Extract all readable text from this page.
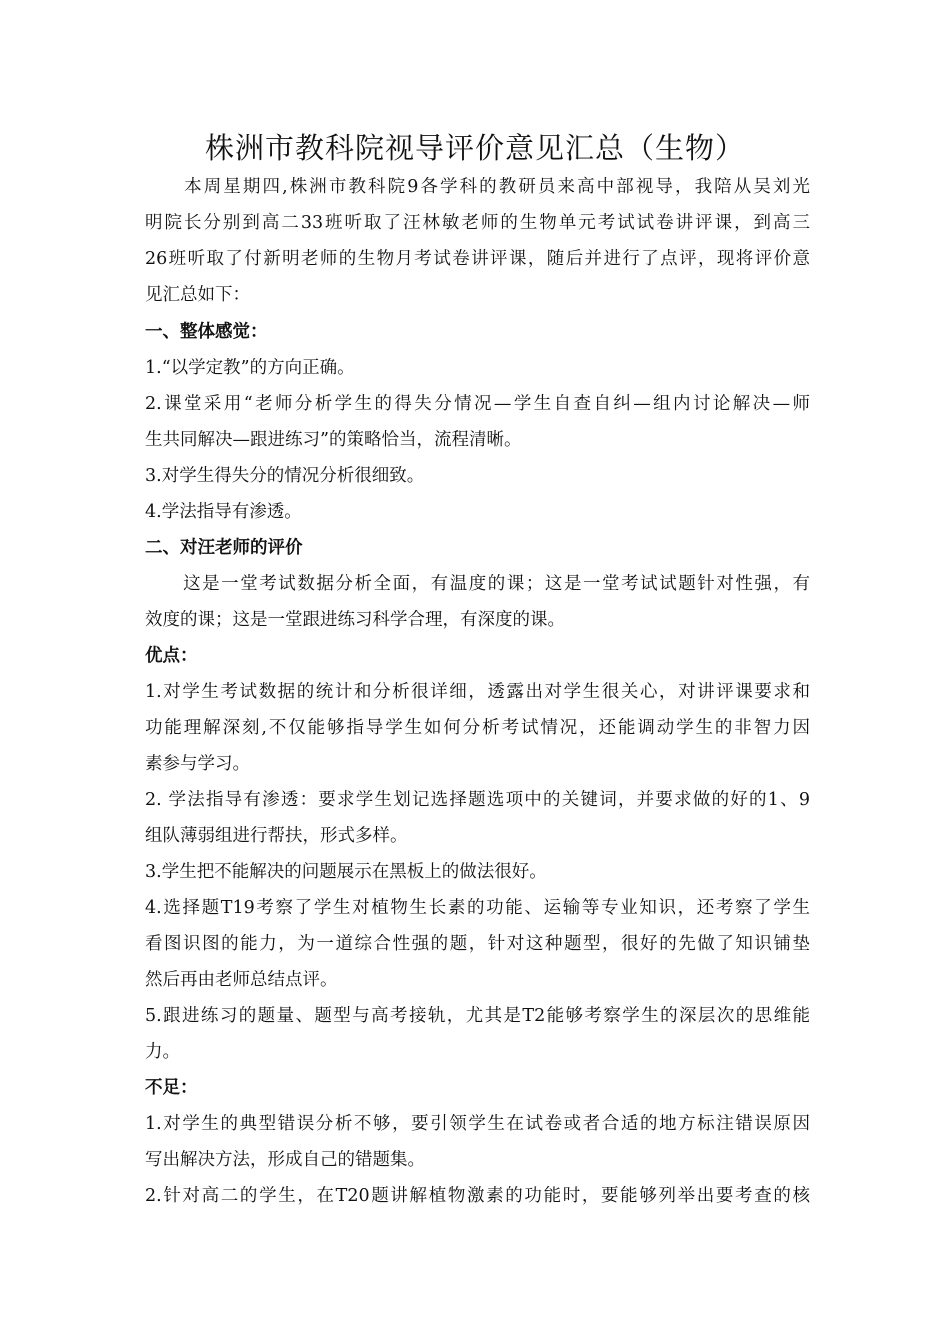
株洲市教科院视导评价意见汇总（生物）
　　本周星期四,株洲市教科院9各学科的教研员来高中部视导，我陪从吴刘光
明院长分别到高二33班听取了汪林敏老师的生物单元考试试卷讲评课，到高三
26班听取了付新明老师的生物月考试卷讲评课，随后并进行了点评，现将评价意
见汇总如下：
一、整体感觉：
1.“以学定教”的方向正确。
2.课堂采用“老师分析学生的得失分情况—学生自查自纠—组内讨论解决—师
生共同解决—跟进练习”的策略恰当，流程清晰。
3.对学生得失分的情况分析很细致。
4.学法指导有渗透。
二、对汪老师的评价
　　这是一堂考试数据分析全面，有温度的课；这是一堂考试试题针对性强，有
效度的课；这是一堂跟进练习科学合理，有深度的课。
优点：
1.对学生考试数据的统计和分析很详细，透露出对学生很关心，对讲评课要求和
功能理解深刻,不仅能够指导学生如何分析考试情况，还能调动学生的非智力因
素参与学习。
2. 学法指导有渗透：要求学生划记选择题选项中的关键词，并要求做的好的1、9
组队薄弱组进行帮扶，形式多样。
3.学生把不能解决的问题展示在黑板上的做法很好。
4.选择题T19考察了学生对植物生长素的功能、运输等专业知识，还考察了学生
看图识图的能力，为一道综合性强的题，针对这种题型，很好的先做了知识铺垫
然后再由老师总结点评。
5.跟进练习的题量、题型与高考接轨，尤其是T2能够考察学生的深层次的思维能
力。
不足：
1.对学生的典型错误分析不够，要引领学生在试卷或者合适的地方标注错误原因
写出解决方法，形成自己的错题集。
2.针对高二的学生，在T20题讲解植物激素的功能时，要能够列举出要考查的核
